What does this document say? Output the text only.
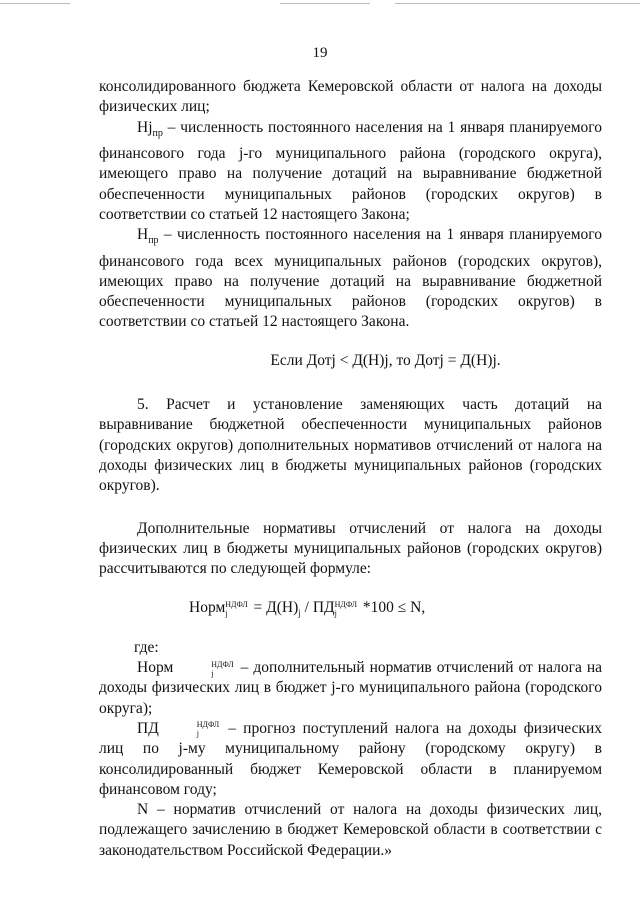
19

консолидированного бюджета Кемеровской области от налога на доходы физических лиц;

$Hj_{пр}$ – численность постоянного населения на 1 января планируемого финансового года j-го муниципального района (городского округа), имеющего право на получение дотаций на выравнивание бюджетной обеспеченности муниципальных районов (городских округов) в соответствии со статьей 12 настоящего Закона;

$H_{пр}$ – численность постоянного населения на 1 января планируемого финансового года всех муниципальных районов (городских округов), имеющих право на получение дотаций на выравнивание бюджетной обеспеченности муниципальных районов (городских округов) в соответствии со статьей 12 настоящего Закона.

Если Дотj < Д(Н)j, то Дотj = Д(Н)j.

5. Расчет и установление заменяющих часть дотаций на выравнивание бюджетной обеспеченности муниципальных районов (городских округов) дополнительных нормативов отчислений от налога на доходы физических лиц в бюджеты муниципальных районов (городских округов).

Дополнительные нормативы отчислений от налога на доходы физических лиц в бюджеты муниципальных районов (городских округов) рассчитываются по следующей формуле:

Норм НДФЛ
j	= $Д(Н)_j$ / ПД НДФЛ
j	*100 ≤ N,

где:

Норм	НДФЛ
j	– дополнительный норматив отчислений от налога на доходы физических лиц в бюджет j-го муниципального района (городского округа);

ПД	НДФЛ
j	– прогноз поступлений налога на доходы физических лиц по j-му муниципальному району (городскому округу) в консолидированный бюджет Кемеровской области в планируемом финансовом году;

N – норматив отчислений от налога на доходы физических лиц, подлежащего зачислению в бюджет Кемеровской области в соответствии с законодательством Российской Федерации.»
